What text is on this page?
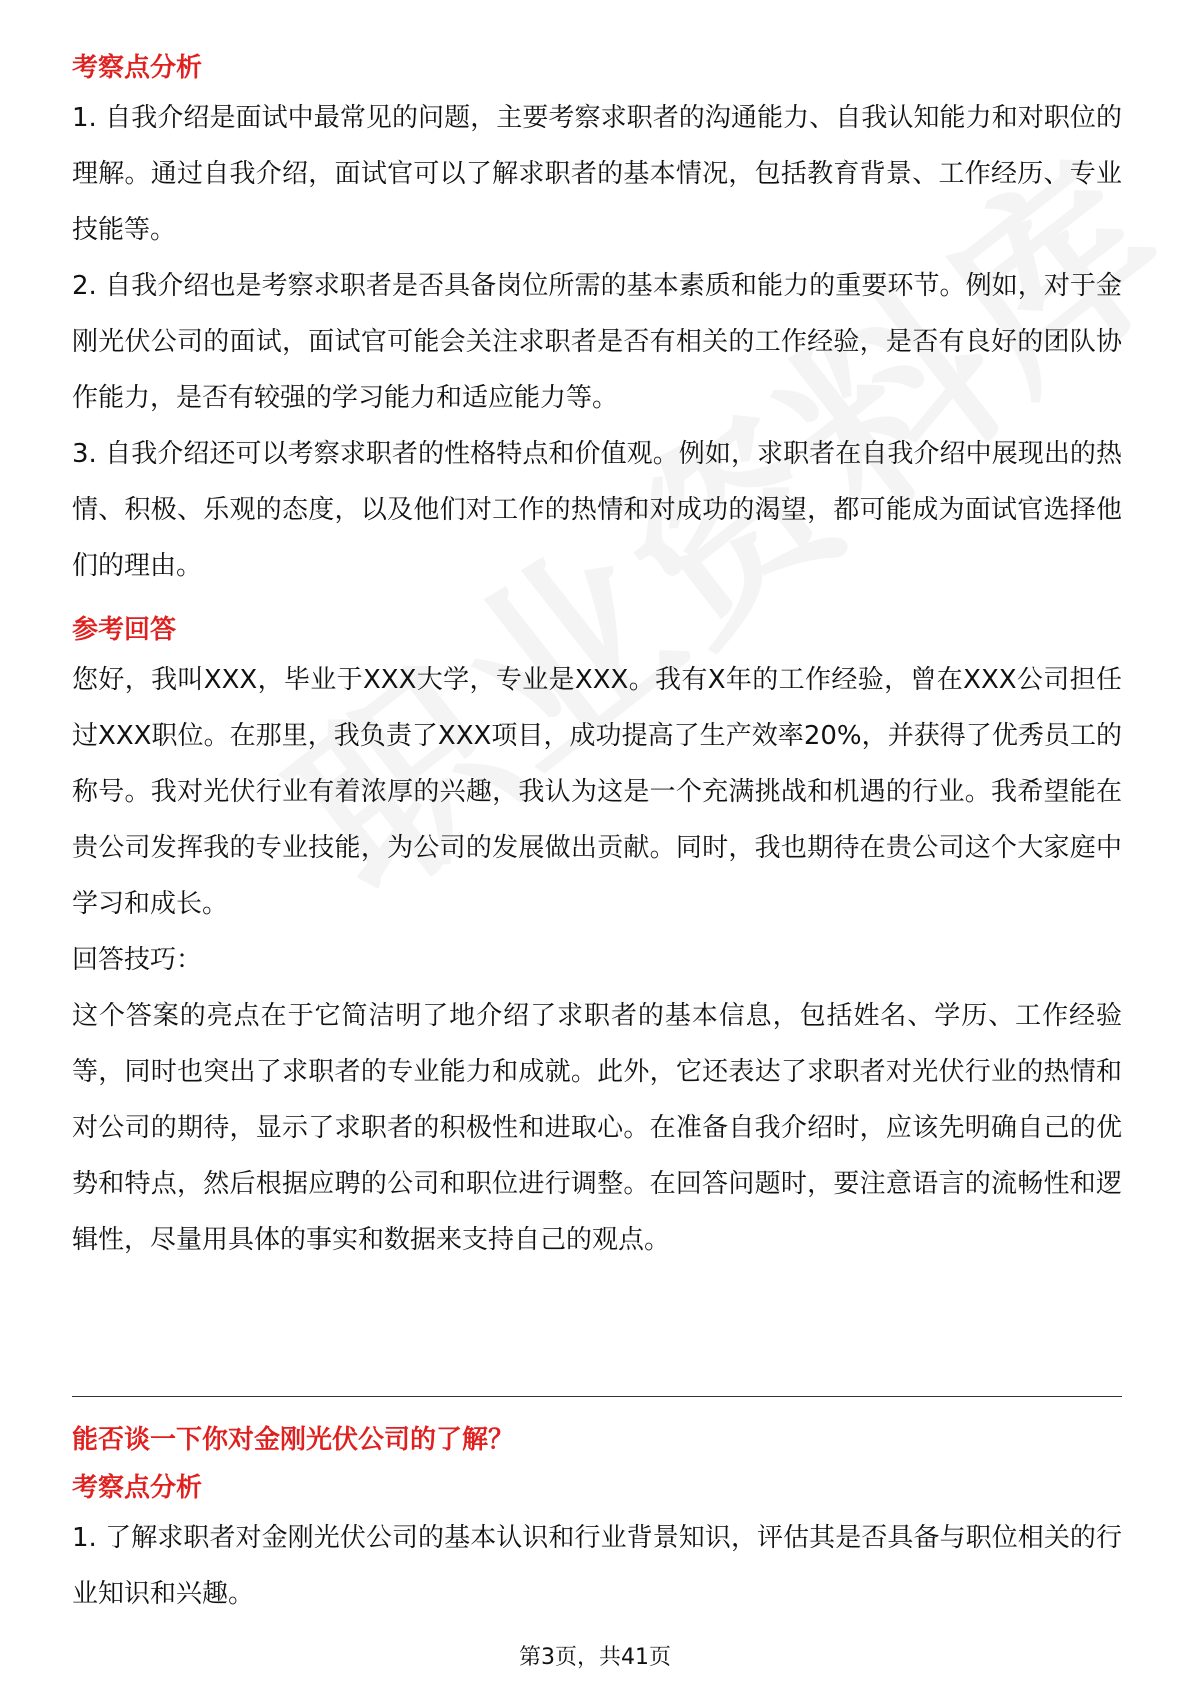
考察点分析
1. 自我介绍是面试中最常见的问题，主要考察求职者的沟通能力、自我认知能力和对职位的理解。通过自我介绍，面试官可以了解求职者的基本情况，包括教育背景、工作经历、专业技能等。
2. 自我介绍也是考察求职者是否具备岗位所需的基本素质和能力的重要环节。例如，对于金刚光伏公司的面试，面试官可能会关注求职者是否有相关的工作经验，是否有良好的团队协作能力，是否有较强的学习能力和适应能力等。
3. 自我介绍还可以考察求职者的性格特点和价值观。例如，求职者在自我介绍中展现出的热情、积极、乐观的态度，以及他们对工作的热情和对成功的渴望，都可能成为面试官选择他们的理由。
参考回答
您好，我叫XXX，毕业于XXX大学，专业是XXX。我有X年的工作经验，曾在XXX公司担任过XXX职位。在那里，我负责了XXX项目，成功提高了生产效率20%，并获得了优秀员工的称号。我对光伏行业有着浓厚的兴趣，我认为这是一个充满挑战和机遇的行业。我希望能在贵公司发挥我的专业技能，为公司的发展做出贡献。同时，我也期待在贵公司这个大家庭中学习和成长。
回答技巧：
这个答案的亮点在于它简洁明了地介绍了求职者的基本信息，包括姓名、学历、工作经验等，同时也突出了求职者的专业能力和成就。此外，它还表达了求职者对光伏行业的热情和对公司的期待，显示了求职者的积极性和进取心。在准备自我介绍时，应该先明确自己的优势和特点，然后根据应聘的公司和职位进行调整。在回答问题时，要注意语言的流畅性和逻辑性，尽量用具体的事实和数据来支持自己的观点。
能否谈一下你对金刚光伏公司的了解？
考察点分析
1. 了解求职者对金刚光伏公司的基本认识和行业背景知识，评估其是否具备与职位相关的行业知识和兴趣。
第3页，共41页
